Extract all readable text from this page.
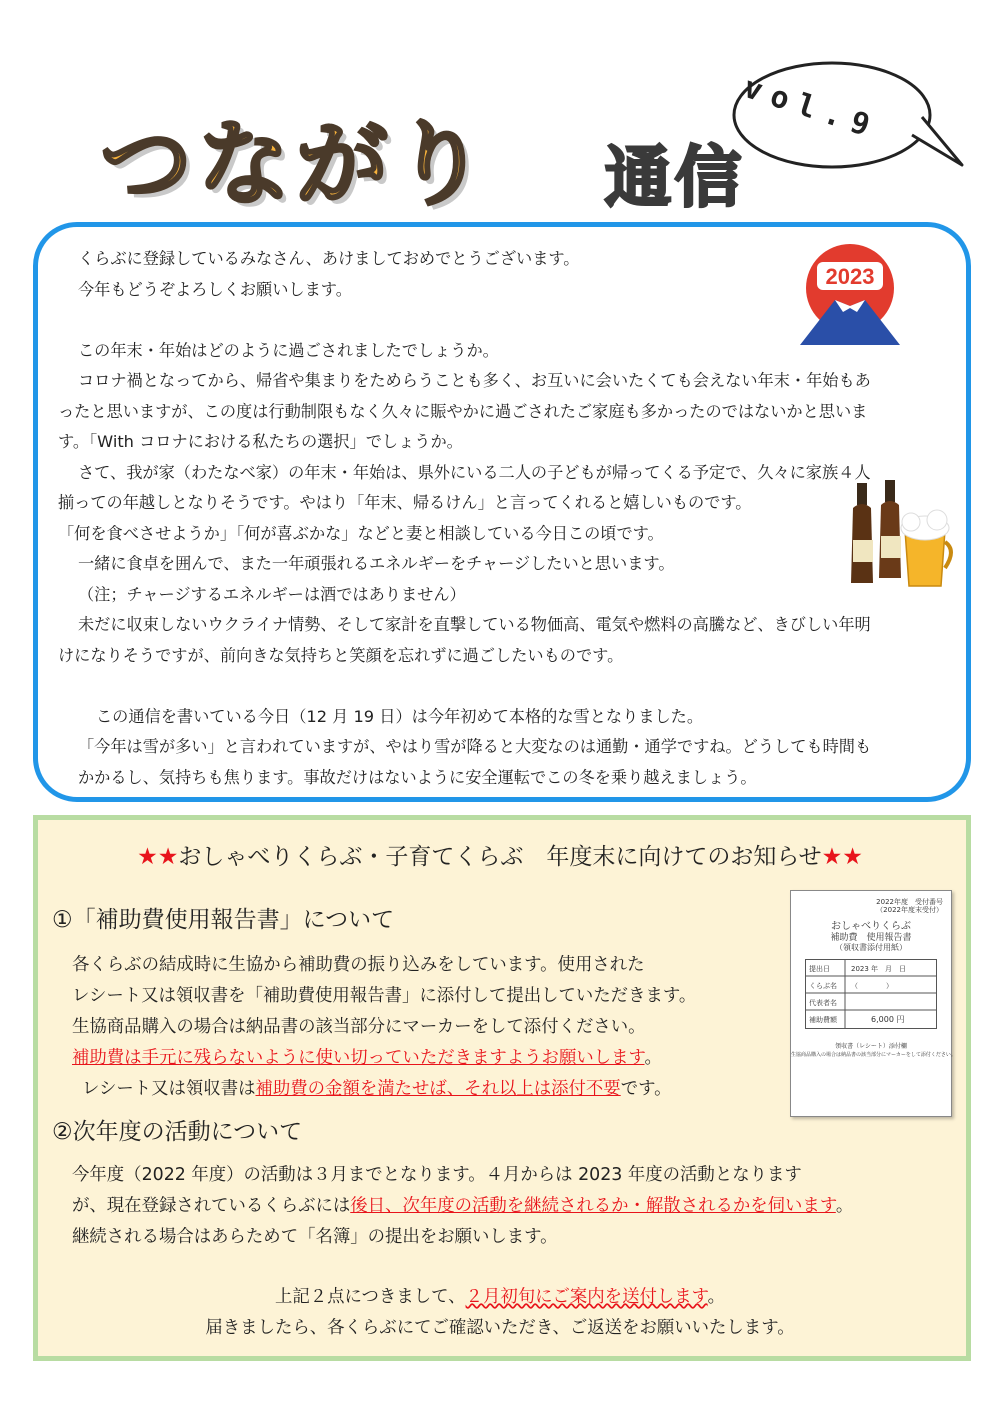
つながり 通信
vol.9
2023

くらぶに登録しているみなさん、あけましておめでとうございます。

今年もどうぞよろしくお願いします。

この年末・年始はどのように過ごされましたでしょうか。

コロナ禍となってから、帰省や集まりをためらうことも多く、お互いに会いたくても会えない年末・年始もあ

ったと思いますが、この度は行動制限もなく久々に賑やかに過ごされたご家庭も多かったのではないかと思いま

す。「With コロナにおける私たちの選択」でしょうか。

さて、我が家（わたなべ家）の年末・年始は、県外にいる二人の子どもが帰ってくる予定で、久々に家族４人

揃っての年越しとなりそうです。やはり「年末、帰るけん」と言ってくれると嬉しいものです。

「何を食べさせようか」「何が喜ぶかな」などと妻と相談している今日この頃です。

一緒に食卓を囲んで、また一年頑張れるエネルギーをチャージしたいと思います。

（注；チャージするエネルギーは酒ではありません）

未だに収束しないウクライナ情勢、そして家計を直撃している物価高、電気や燃料の高騰など、きびしい年明

けになりそうですが、前向きな気持ちと笑顔を忘れずに過ごしたいものです。

この通信を書いている今日（12 月 19 日）は今年初めて本格的な雪となりました。

「今年は雪が多い」と言われていますが、やはり雪が降ると大変なのは通勤・通学ですね。どうしても時間も

かかるし、気持ちも焦ります。事故だけはないように安全運転でこの冬を乗り越えましょう。

★★おしゃべりくらぶ・子育てくらぶ　年度末に向けてのお知らせ★★
①「補助費使用報告書」について

各くらぶの結成時に生協から補助費の振り込みをしています。使用された

レシート又は領収書を「補助費使用報告書」に添付して提出していただきます。

生協商品購入の場合は納品書の該当部分にマーカーをして添付ください。

補助費は手元に残らないように使い切っていただきますようお願いします。

レシート又は領収書は補助費の金額を満たせば、それ以上は添付不要です。

2022年度　受付番号
（2022年度末受付）
おしゃべりくらぶ
補助費　使用報告書
（領収書添付用紙）
提出日	2023 年　月　日
くらぶ名 （　　　　）
代表者名
補助費額	6,000 円
領収書（レシート）添付欄
生協商品購入の場合は納品書の該当部分にマーカーをして添付ください。
②次年度の活動について

今年度（2022 年度）の活動は３月までとなります。４月からは 2023 年度の活動となります

が、現在登録されているくらぶには後日、次年度の活動を継続されるか・解散されるかを伺います。

継続される場合はあらためて「名簿」の提出をお願いします。

上記２点につきまして、２月初旬にご案内を送付します。

届きましたら、各くらぶにてご確認いただき、ご返送をお願いいたします。
